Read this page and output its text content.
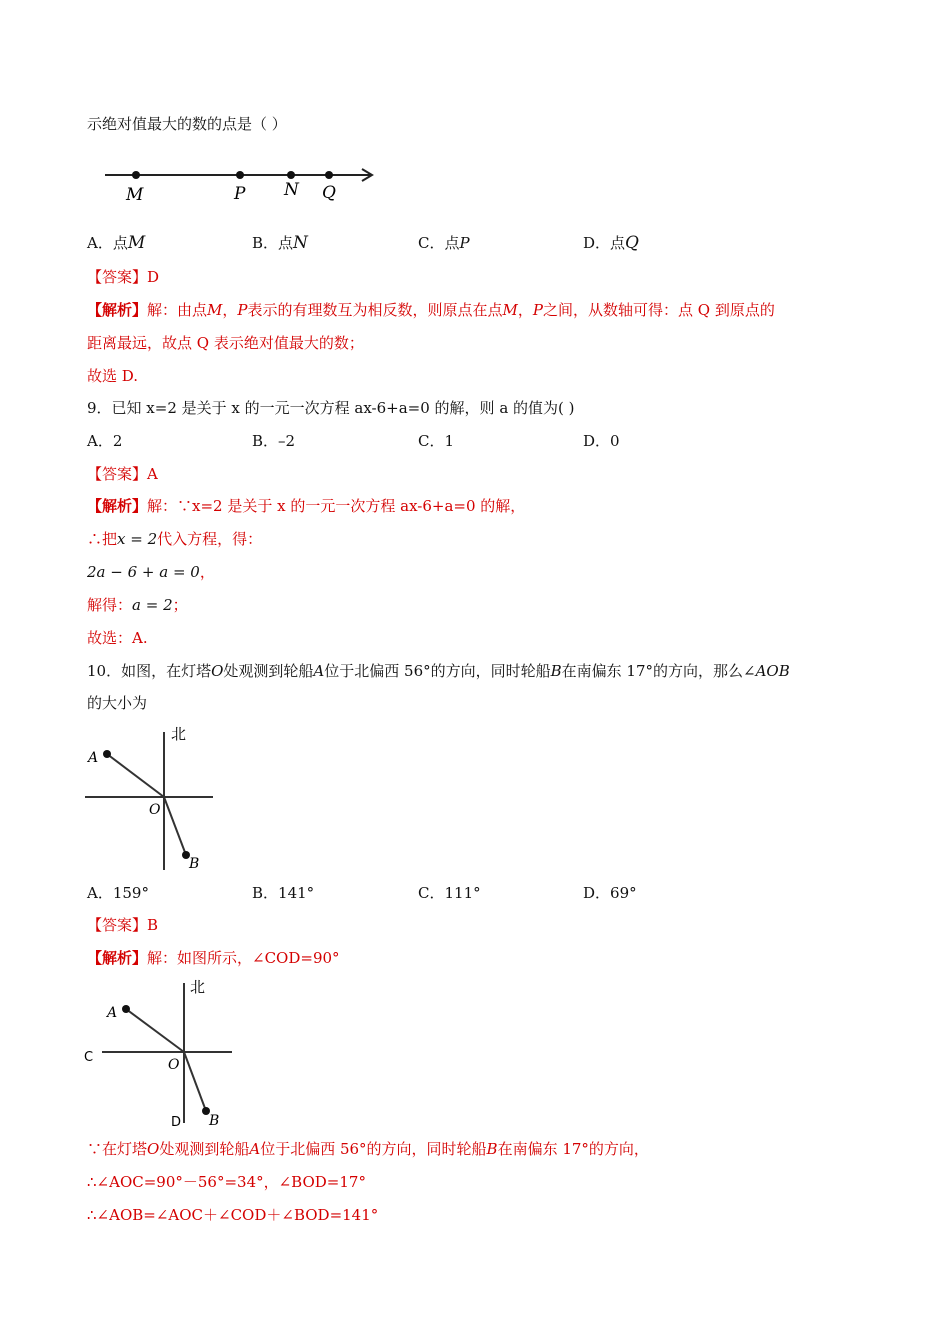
示绝对值最大的数的点是（ ）
M	P N Q
A．点M	B．点N	C．点P	D．点Q
【答案】D
【解析】解：由点M，P表示的有理数互为相反数，则原点在点M，P之间，从数轴可得：点 Q 到原点的
距离最远，故点 Q 表示绝对值最大的数；
故选 D.
9．已知 x=2 是关于 x 的一元一次方程 ax-6+a=0 的解，则 a 的值为( )
A．2	B．–2	C．1	D．0
【答案】A
【解析】解：∵x=2 是关于 x 的一元一次方程 ax-6+a=0 的解，
∴把x = 2代入方程，得：
2a − 6 + a = 0，
解得：a = 2；
故选：A.
10．如图，在灯塔O处观测到轮船A位于北偏西 56°的方向，同时轮船B在南偏东 17°的方向，那么∠AOB
的大小为
北
A
O
B
A．159°	B．141°	C．111°	D．69°
【答案】B
【解析】解：如图所示，∠COD=90°
北
A
O
B
C
D
∵在灯塔O处观测到轮船A位于北偏西 56°的方向，同时轮船B在南偏东 17°的方向，
∴∠AOC=90°－56°=34°，∠BOD=17°
∴∠AOB=∠AOC＋∠COD＋∠BOD=141°
